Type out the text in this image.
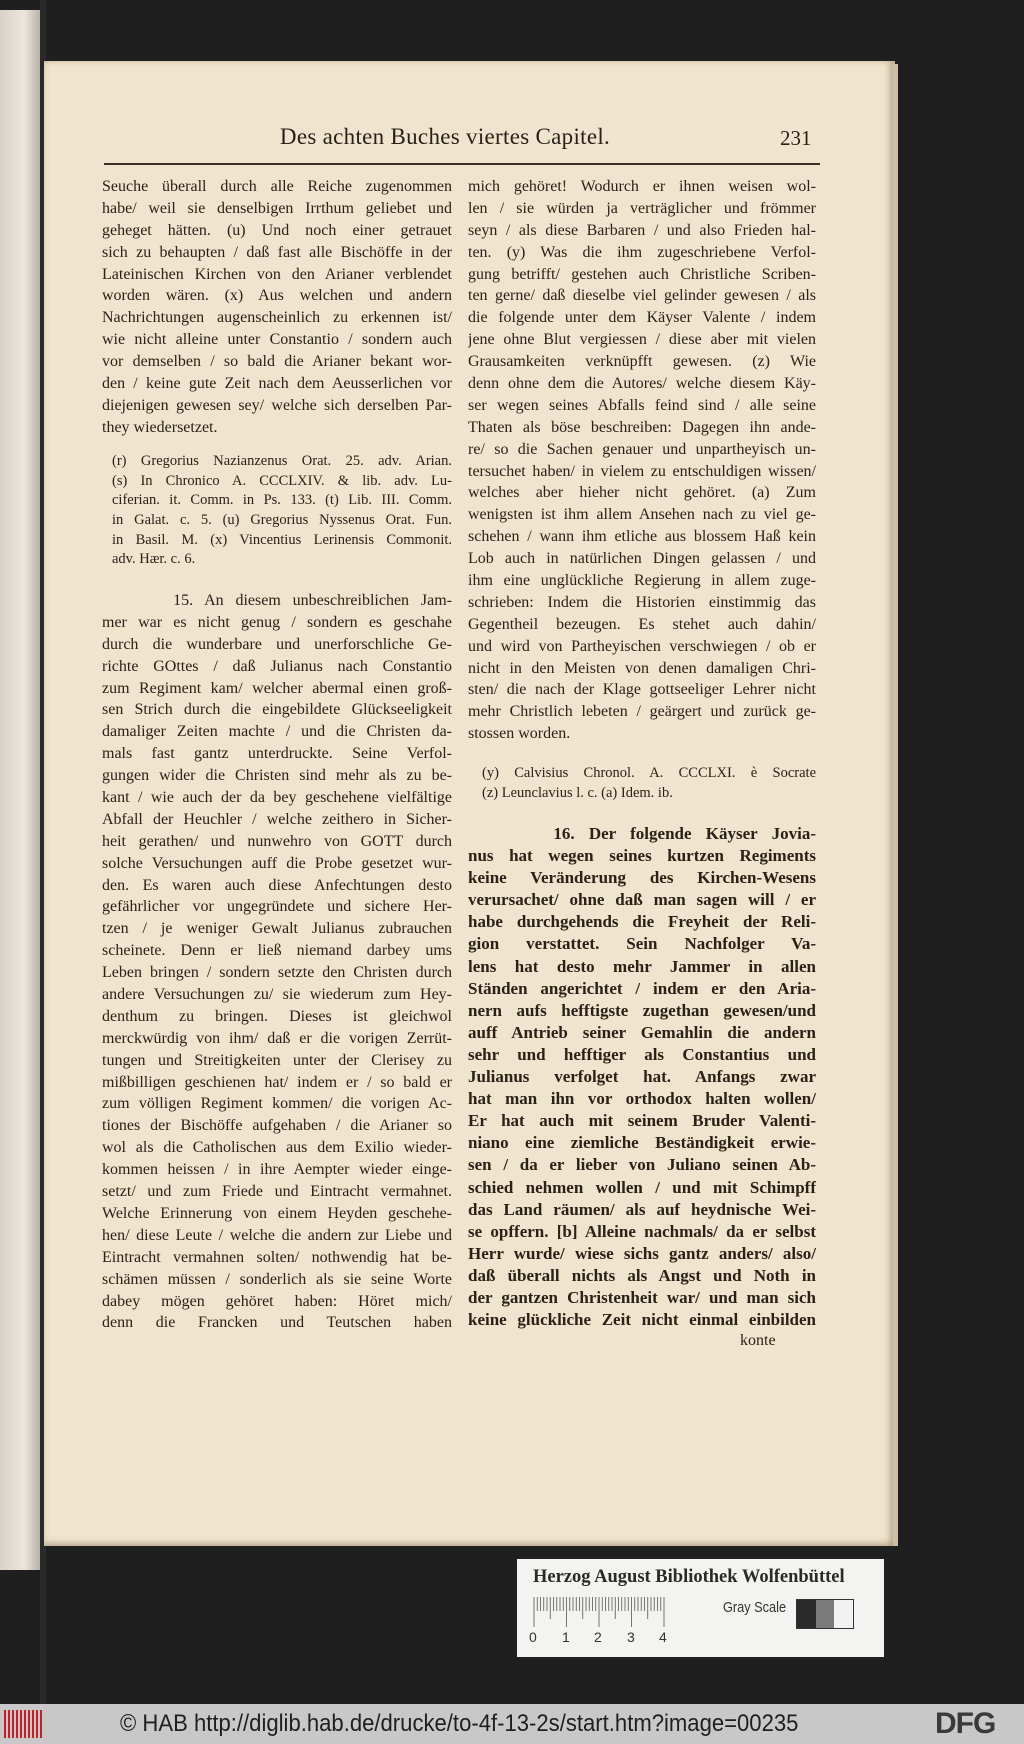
Des achten Buches viertes Capitel.	231
Seuche überall durch alle Reiche zugenommen
habe/ weil sie denselbigen Irrthum geliebet und
geheget hätten. (u) Und noch einer getrauet
sich zu behaupten / daß fast alle Bischöffe in der
Lateinischen Kirchen von den Arianer verblendet
worden wären. (x) Aus welchen und andern
Nachrichtungen augenscheinlich zu erkennen ist/
wie nicht alleine unter Constantio / sondern auch
vor demselben / so bald die Arianer bekant wor-
den / keine gute Zeit nach dem Aeusserlichen vor
diejenigen gewesen sey/ welche sich derselben Par-
they wiedersetzet.
(r) Gregorius Nazianzenus Orat. 25. adv. Arian.
(s) In Chronico A. CCCLXIV. & lib. adv. Lu-
ciferian. it. Comm. in Ps. 133. (t) Lib. III. Comm.
in Galat. c. 5. (u) Gregorius Nyssenus Orat. Fun.
in Basil. M. (x) Vincentius Lerinensis Commonit.
adv. Hær. c. 6.
15. An diesem unbeschreiblichen Jam-
mer war es nicht genug / sondern es geschahe
durch die wunderbare und unerforschliche Ge-
richte GOttes / daß Julianus nach Constantio
zum Regiment kam/ welcher abermal einen groß-
sen Strich durch die eingebildete Glückseeligkeit
damaliger Zeiten machte / und die Christen da-
mals fast gantz unterdruckte. Seine Verfol-
gungen wider die Christen sind mehr als zu be-
kant / wie auch der da bey geschehene vielfältige
Abfall der Heuchler / welche zeithero in Sicher-
heit gerathen/ und nunwehro von GOTT durch
solche Versuchungen auff die Probe gesetzet wur-
den. Es waren auch diese Anfechtungen desto
gefährlicher vor ungegründete und sichere Her-
tzen / je weniger Gewalt Julianus zubrauchen
scheinete. Denn er ließ niemand darbey ums
Leben bringen / sondern setzte den Christen durch
andere Versuchungen zu/ sie wiederum zum Hey-
denthum zu bringen. Dieses ist gleichwol
merckwürdig von ihm/ daß er die vorigen Zerrüt-
tungen und Streitigkeiten unter der Clerisey zu
mißbilligen geschienen hat/ indem er / so bald er
zum völligen Regiment kommen/ die vorigen Ac-
tiones der Bischöffe aufgehaben / die Arianer so
wol als die Catholischen aus dem Exilio wieder-
kommen heissen / in ihre Aempter wieder einge-
setzt/ und zum Friede und Eintracht vermahnet.
Welche Erinnerung von einem Heyden geschehe-
hen/ diese Leute / welche die andern zur Liebe und
Eintracht vermahnen solten/ nothwendig hat be-
schämen müssen / sonderlich als sie seine Worte
dabey mögen gehöret haben: Höret mich/
denn die Francken und Teutschen haben
mich gehöret! Wodurch er ihnen weisen wol-
len / sie würden ja verträglicher und frömmer
seyn / als diese Barbaren / und also Frieden hal-
ten. (y) Was die ihm zugeschriebene Verfol-
gung betrifft/ gestehen auch Christliche Scriben-
ten gerne/ daß dieselbe viel gelinder gewesen / als
die folgende unter dem Käyser Valente / indem
jene ohne Blut vergiessen / diese aber mit vielen
Grausamkeiten verknüpfft gewesen. (z) Wie
denn ohne dem die Autores/ welche diesem Käy-
ser wegen seines Abfalls feind sind / alle seine
Thaten als böse beschreiben: Dagegen ihn ande-
re/ so die Sachen genauer und unpartheyisch un-
tersuchet haben/ in vielem zu entschuldigen wissen/
welches aber hieher nicht gehöret. (a) Zum
wenigsten ist ihm allem Ansehen nach zu viel ge-
schehen / wann ihm etliche aus blossem Haß kein
Lob auch in natürlichen Dingen gelassen / und
ihm eine unglückliche Regierung in allem zuge-
schrieben: Indem die Historien einstimmig das
Gegentheil bezeugen. Es stehet auch dahin/
und wird von Partheyischen verschwiegen / ob er
nicht in den Meisten von denen damaligen Chri-
sten/ die nach der Klage gottseeliger Lehrer nicht
mehr Christlich lebeten / geärgert und zurück ge-
stossen worden.
(y) Calvisius Chronol. A. CCCLXI. è Socrate
(z) Leunclavius l. c. (a) Idem. ib.
16. Der folgende Käyser Jovia-
nus hat wegen seines kurtzen Regiments
keine Veränderung des Kirchen-Wesens
verursachet/ ohne daß man sagen will / er
habe durchgehends die Freyheit der Reli-
gion verstattet. Sein Nachfolger Va-
lens hat desto mehr Jammer in allen
Ständen angerichtet / indem er den Aria-
nern aufs hefftigste zugethan gewesen/und
auff Antrieb seiner Gemahlin die andern
sehr und hefftiger als Constantius und
Julianus verfolget hat. Anfangs zwar
hat man ihn vor orthodox halten wollen/
Er hat auch mit seinem Bruder Valenti-
niano eine ziemliche Beständigkeit erwie-
sen / da er lieber von Juliano seinen Ab-
schied nehmen wollen / und mit Schimpff
das Land räumen/ als auf heydnische Wei-
se opffern. [b] Alleine nachmals/ da er selbst
Herr wurde/ wiese sichs gantz anders/ also/
daß überall nichts als Angst und Noth in
der gantzen Christenheit war/ und man sich
keine glückliche Zeit nicht einmal einbilden
konte
Herzog August Bibliothek Wolfenbüttel
0 1 2 3 4
Gray Scale
© HAB http://diglib.hab.de/drucke/to-4f-13-2s/start.htm?image=00235	DFG
